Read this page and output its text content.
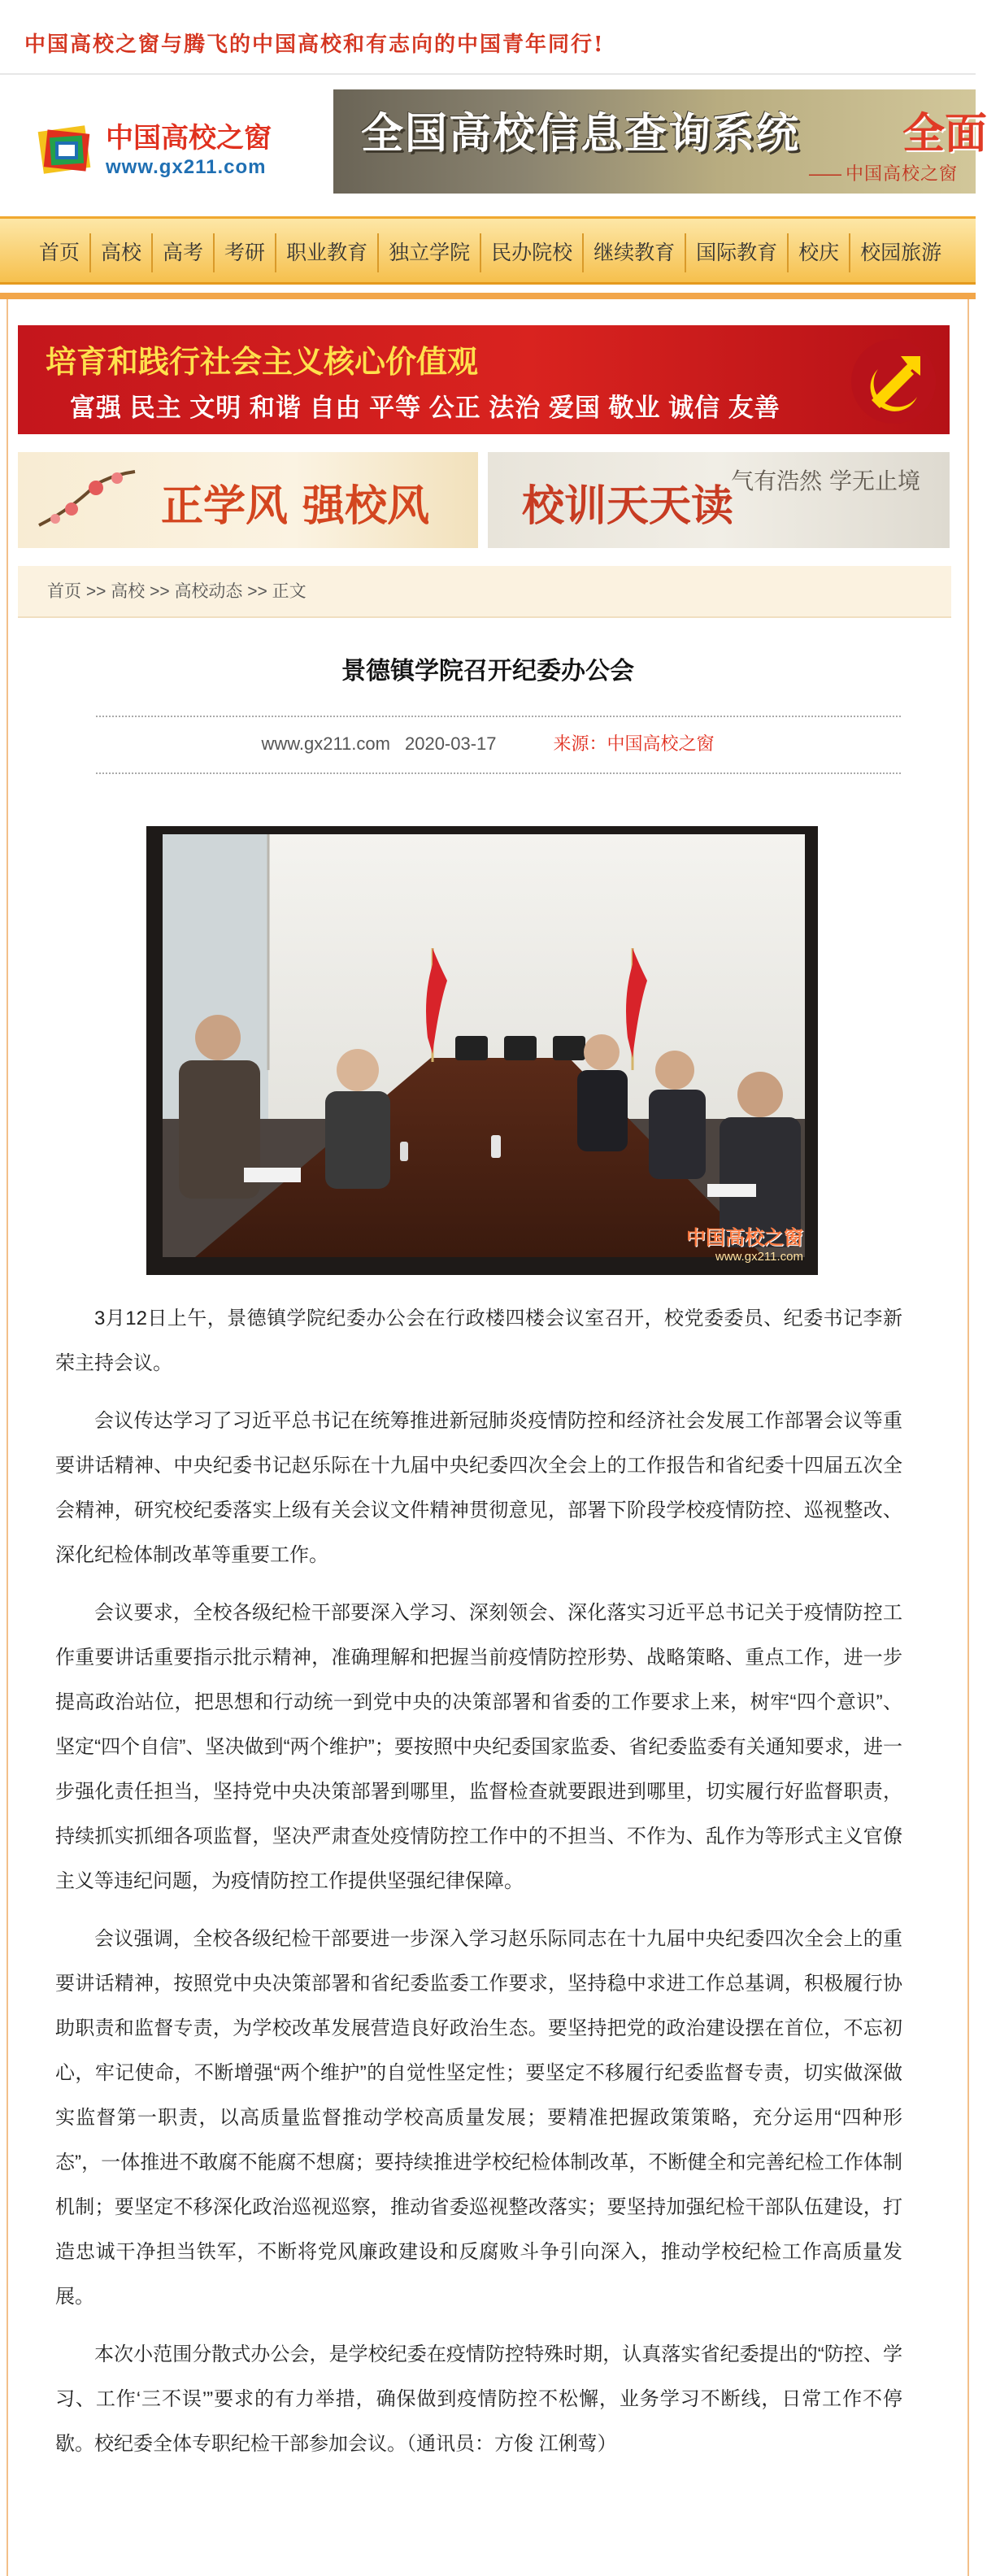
中国高校之窗与腾飞的中国高校和有志向的中国青年同行!
中国高校之窗
www.gx211.com
全国高校信息查询系统 全面
—— 中国高校之窗
首页	高校	高考	考研	职业教育	独立学院	民办院校	继续教育	国际教育	校庆	校园旅游
培育和践行社会主义核心价值观
富强 民主 文明 和谐 自由 平等 公正 法治 爱国 敬业 诚信 友善
正学风 强校风 校训天天读
气有浩然 学无止境
首页 >> 高校 >> 高校动态 >> 正文
景德镇学院召开纪委办公会
www.gx211.com 2020-03-17	来源：中国高校之窗
中国高校之窗
www.gx211.com

3月12日上午，景德镇学院纪委办公会在行政楼四楼会议室召开，校党委委员、纪委书记李新荣主持会议。

会议传达学习了习近平总书记在统筹推进新冠肺炎疫情防控和经济社会发展工作部署会议等重要讲话精神、中央纪委书记赵乐际在十九届中央纪委四次全会上的工作报告和省纪委十四届五次全会精神，研究校纪委落实上级有关会议文件精神贯彻意见，部署下阶段学校疫情防控、巡视整改、深化纪检体制改革等重要工作。

会议要求，全校各级纪检干部要深入学习、深刻领会、深化落实习近平总书记关于疫情防控工作重要讲话重要指示批示精神，准确理解和把握当前疫情防控形势、战略策略、重点工作，进一步提高政治站位，把思想和行动统一到党中央的决策部署和省委的工作要求上来，树牢“四个意识”、坚定“四个自信”、坚决做到“两个维护”；要按照中央纪委国家监委、省纪委监委有关通知要求，进一步强化责任担当，坚持党中央决策部署到哪里，监督检查就要跟进到哪里，切实履行好监督职责，持续抓实抓细各项监督，坚决严肃查处疫情防控工作中的不担当、不作为、乱作为等形式主义官僚主义等违纪问题，为疫情防控工作提供坚强纪律保障。

会议强调，全校各级纪检干部要进一步深入学习赵乐际同志在十九届中央纪委四次全会上的重要讲话精神，按照党中央决策部署和省纪委监委工作要求，坚持稳中求进工作总基调，积极履行协助职责和监督专责，为学校改革发展营造良好政治生态。要坚持把党的政治建设摆在首位，不忘初心，牢记使命，不断增强“两个维护”的自觉性坚定性；要坚定不移履行纪委监督专责，切实做深做实监督第一职责，以高质量监督推动学校高质量发展；要精准把握政策策略，充分运用“四种形态”，一体推进不敢腐不能腐不想腐；要持续推进学校纪检体制改革，不断健全和完善纪检工作体制机制；要坚定不移深化政治巡视巡察，推动省委巡视整改落实；要坚持加强纪检干部队伍建设，打造忠诚干净担当铁军，不断将党风廉政建设和反腐败斗争引向深入，推动学校纪检工作高质量发展。

本次小范围分散式办公会，是学校纪委在疫情防控特殊时期，认真落实省纪委提出的“防控、学习、工作‘三不误’”要求的有力举措，确保做到疫情防控不松懈，业务学习不断线，日常工作不停歇。校纪委全体专职纪检干部参加会议。（通讯员：方俊 江俐莺）
